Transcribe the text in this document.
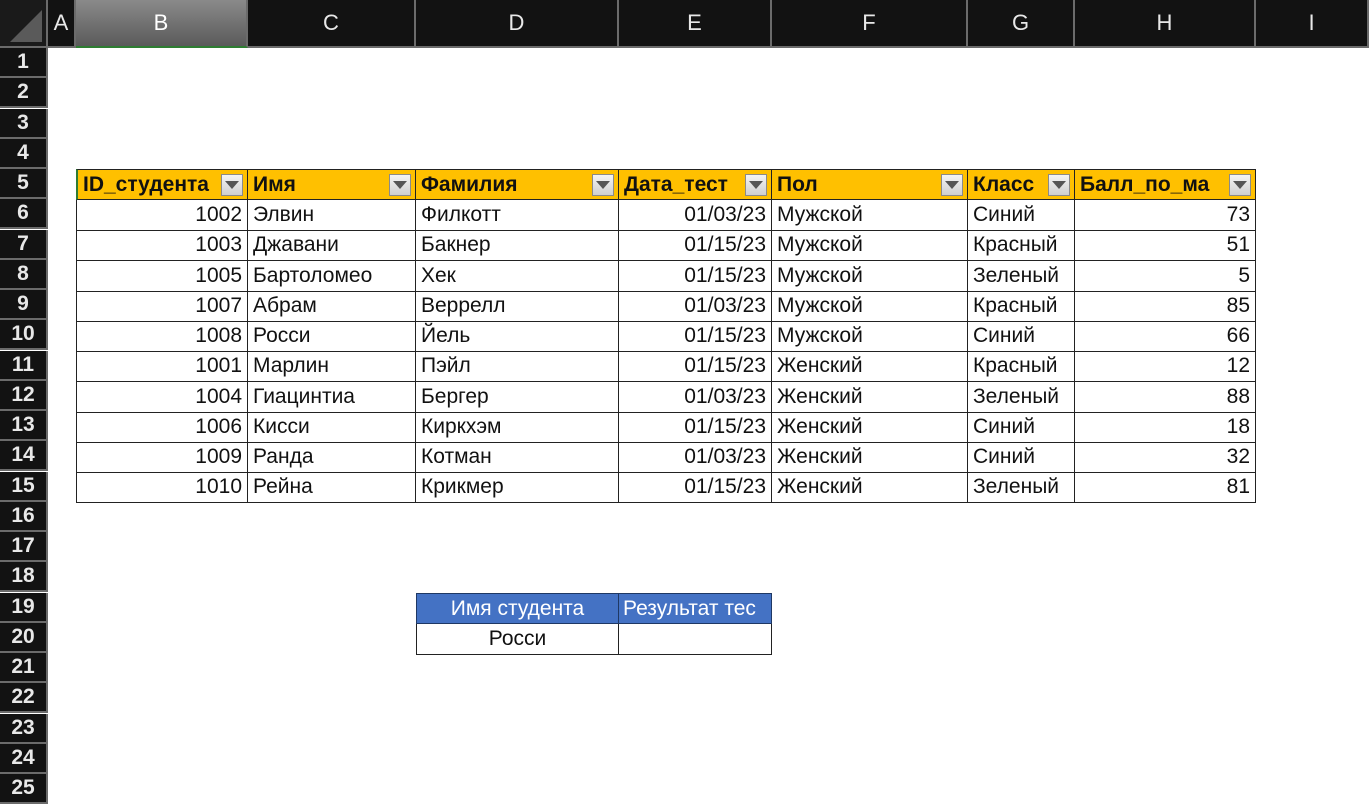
A	B	C	D	E	F	G	H	I
1
2
3
4
5
6
7
8
9
10
11
12
13
14
15
16
17
18
19
20
21
22
23
24
25
ID_студента Имя	Фамилия	Дата_тест Пол	Класс Балл_по_ма
1002 Элвин	Филкотт	01/03/23 Мужской	Синий	73
1003 Джавани	Бакнер	01/15/23 Мужской	Красный	51
1005 Бартоломео	Хек	01/15/23 Мужской	Зеленый	5
1007 Абрам	Веррелл	01/03/23 Мужской	Красный	85
1008 Росси	Йель	01/15/23 Мужской	Синий	66
1001 Марлин	Пэйл	01/15/23 Женский	Красный	12
1004 Гиацинтиа	Бергер	01/03/23 Женский	Зеленый	88
1006 Кисси	Киркхэм	01/15/23 Женский	Синий	18
1009 Ранда	Котман	01/03/23 Женский	Синий	32
1010 Рейна	Крикмер	01/15/23 Женский	Зеленый	81
Имя студента	Результат тес
Росси
